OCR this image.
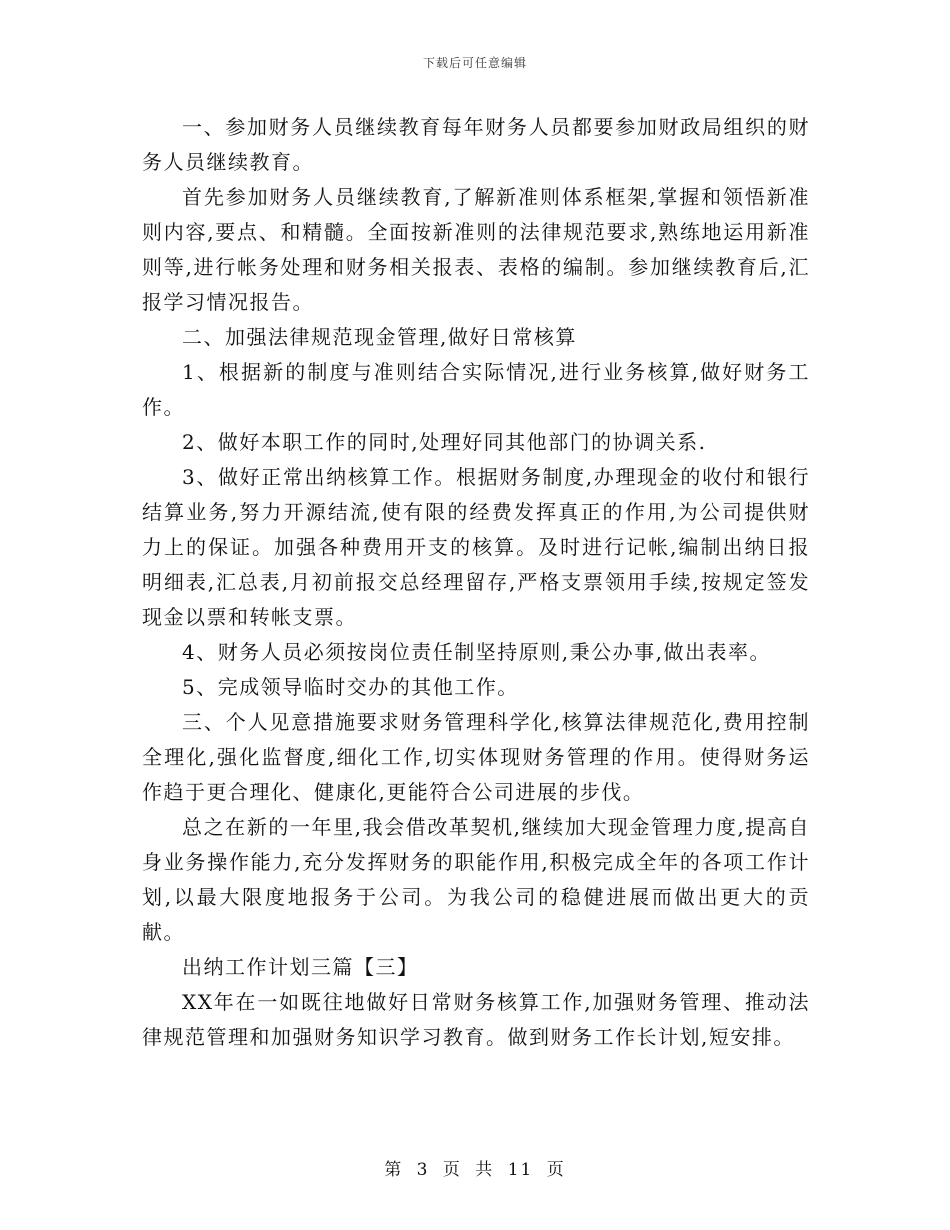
下载后可任意编辑

一、参加财务人员继续教育每年财务人员都要参加财政局组织的财务人员继续教育。

首先参加财务人员继续教育,了解新准则体系框架,掌握和领悟新准则内容,要点、和精髓。全面按新准则的法律规范要求,熟练地运用新准则等,进行帐务处理和财务相关报表、表格的编制。参加继续教育后,汇报学习情况报告。

二、加强法律规范现金管理,做好日常核算

1、根据新的制度与准则结合实际情况,进行业务核算,做好财务工作。

2、做好本职工作的同时,处理好同其他部门的协调关系.

3、做好正常出纳核算工作。根据财务制度,办理现金的收付和银行结算业务,努力开源结流,使有限的经费发挥真正的作用,为公司提供财力上的保证。加强各种费用开支的核算。及时进行记帐,编制出纳日报明细表,汇总表,月初前报交总经理留存,严格支票领用手续,按规定签发现金以票和转帐支票。

4、财务人员必须按岗位责任制坚持原则,秉公办事,做出表率。

5、完成领导临时交办的其他工作。

三、个人见意措施要求财务管理科学化,核算法律规范化,费用控制全理化,强化监督度,细化工作,切实体现财务管理的作用。使得财务运作趋于更合理化、健康化,更能符合公司进展的步伐。

总之在新的一年里,我会借改革契机,继续加大现金管理力度,提高自身业务操作能力,充分发挥财务的职能作用,积极完成全年的各项工作计划,以最大限度地报务于公司。为我公司的稳健进展而做出更大的贡献。

出纳工作计划三篇【三】

XX年在一如既往地做好日常财务核算工作,加强财务管理、推动法律规范管理和加强财务知识学习教育。做到财务工作长计划,短安排。

第 3 页 共 11 页
